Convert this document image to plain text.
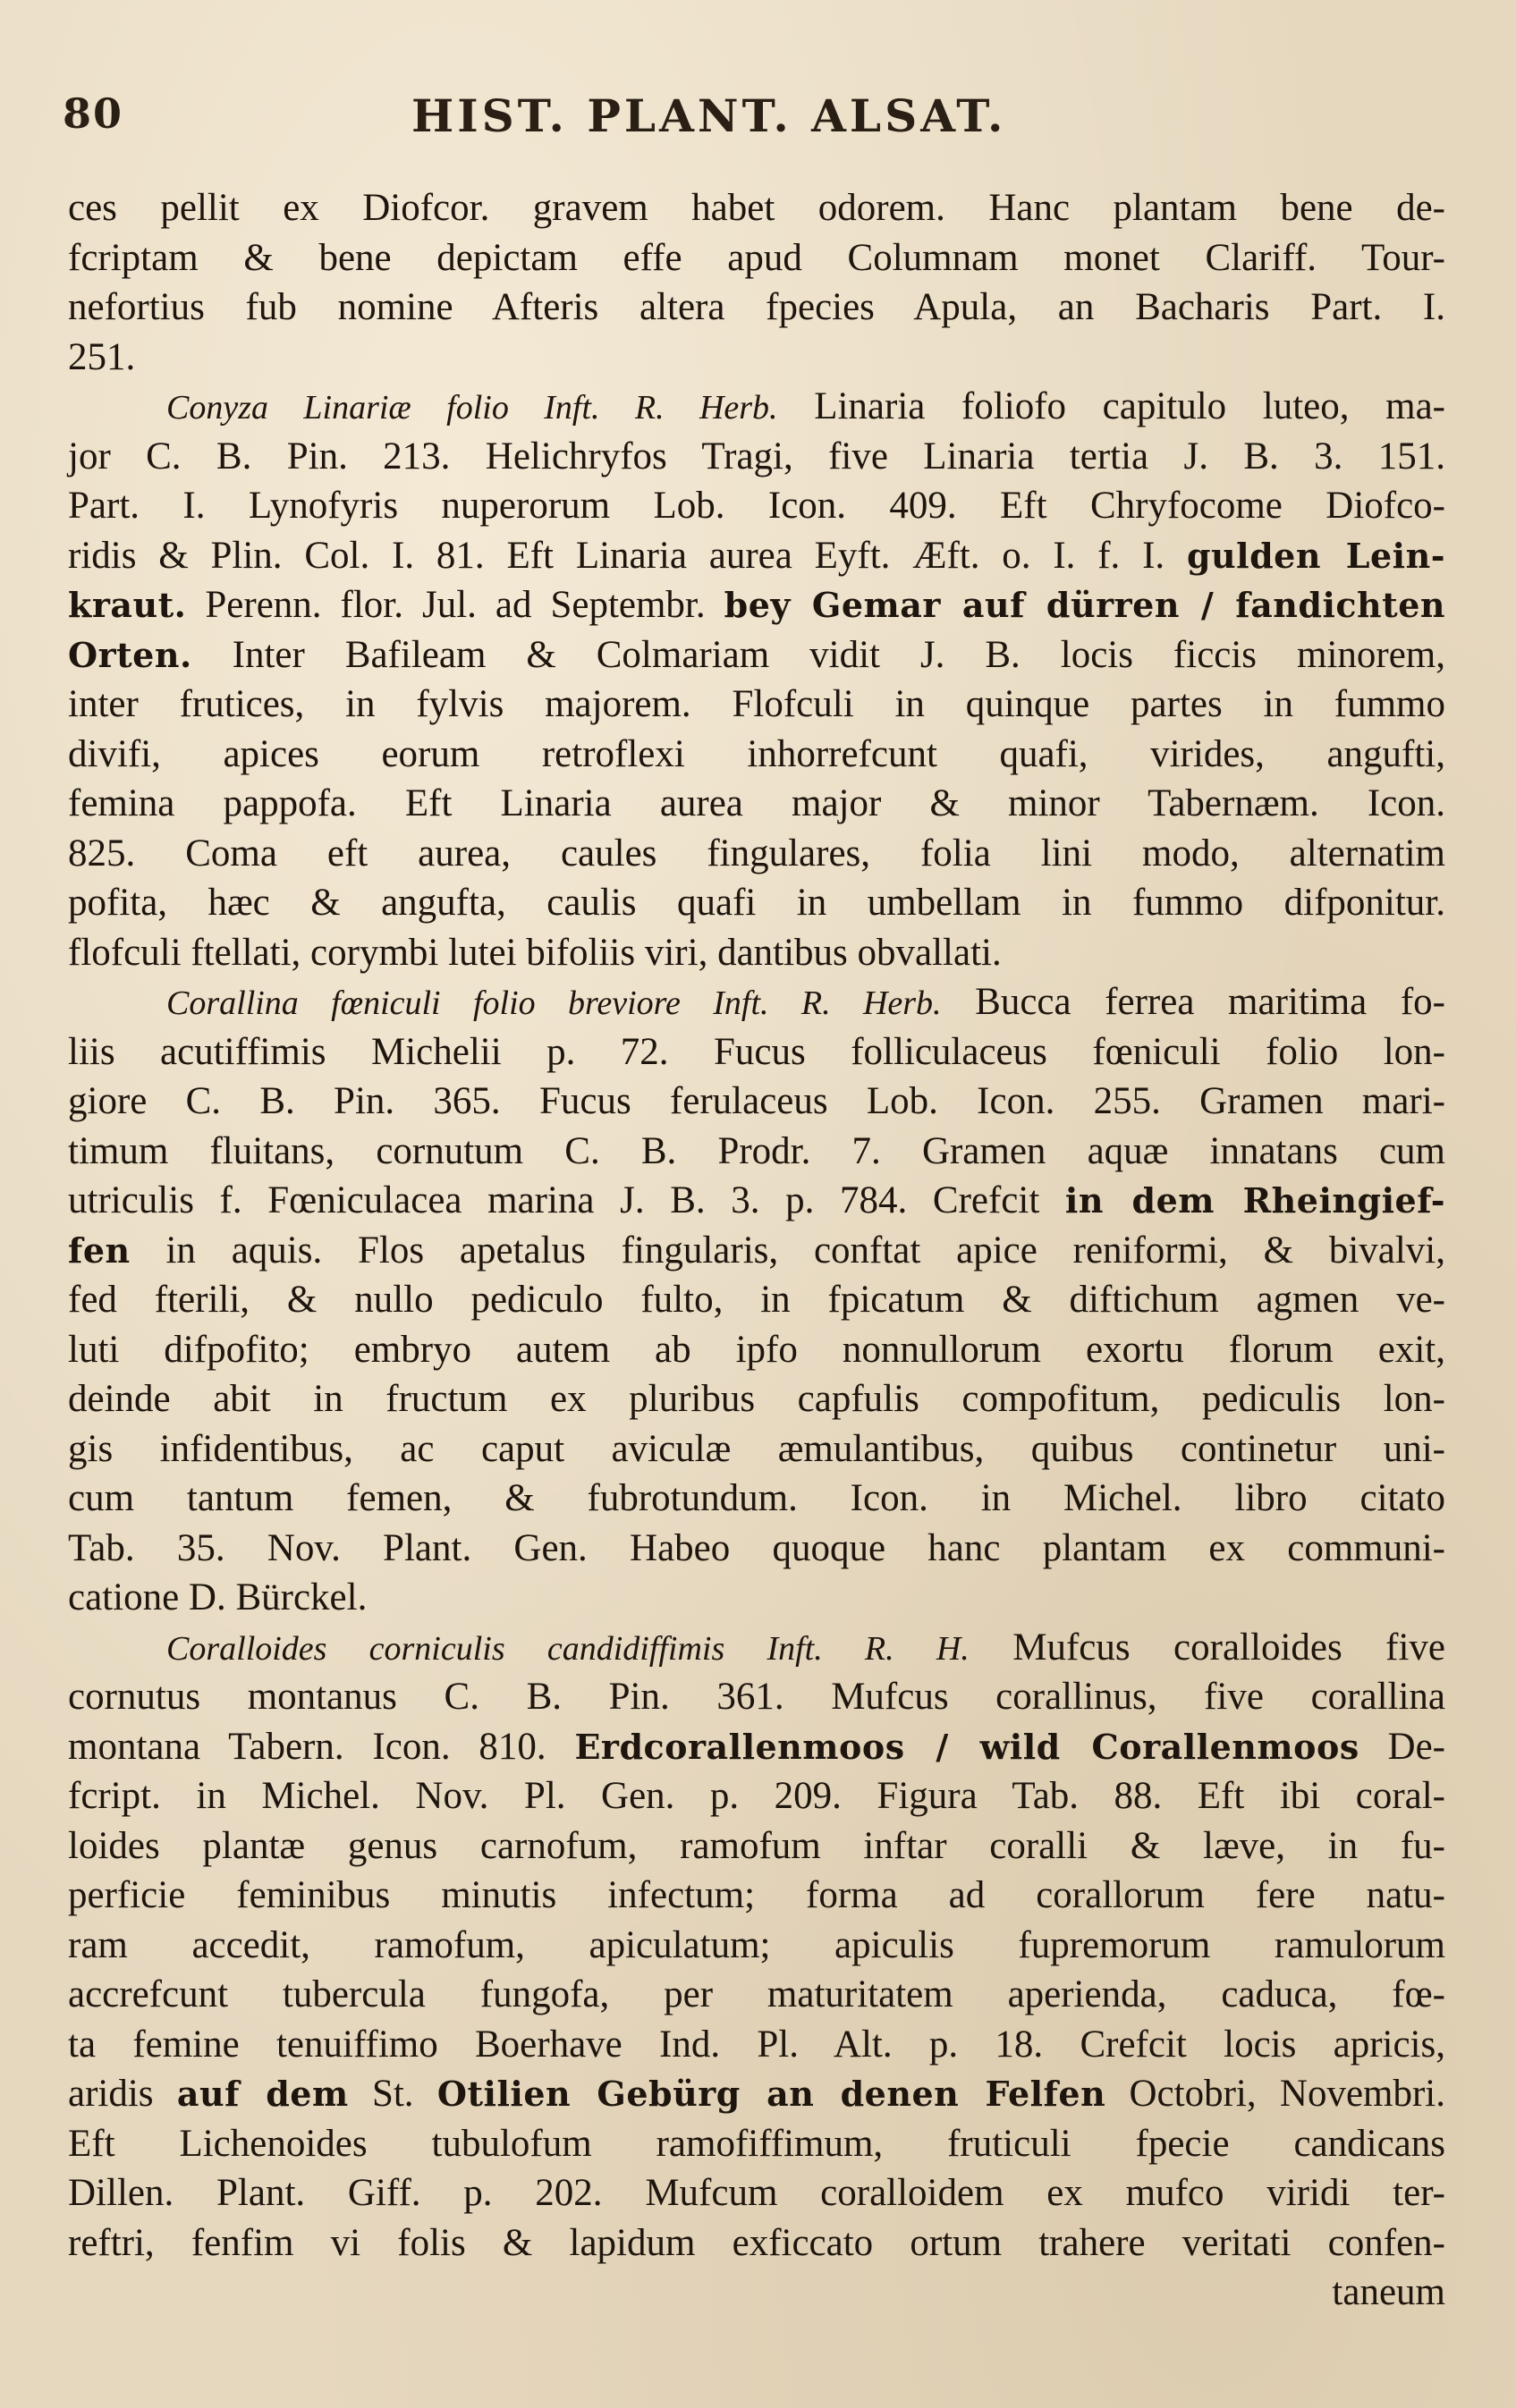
80	HIST. PLANT. ALSAT.
ces pellit ex Diofcor. gravem habet odorem. Hanc plantam bene de-
fcriptam & bene depictam effe apud Columnam monet Clariff. Tour-
nefortius fub nomine Afteris altera fpecies Apula, an Bacharis Part. I.
251.
Conyza Linariæ folio Inft. R. Herb. Linaria foliofo capitulo luteo, ma-
jor C. B. Pin. 213. Helichryfos Tragi, five Linaria tertia J. B. 3. 151.
Part. I. Lynofyris nuperorum Lob. Icon. 409. Eft Chryfocome Diofco-
ridis & Plin. Col. I. 81. Eft Linaria aurea Eyft. Æft. o. I. f. I. gulden Lein-
kraut. Perenn. flor. Jul. ad Septembr. bey Gemar auf dürren / fandichten
Orten. Inter Bafileam & Colmariam vidit J. B. locis ficcis minorem,
inter frutices, in fylvis majorem. Flofculi in quinque partes in fummo
divifi, apices eorum retroflexi inhorrefcunt quafi, virides, angufti,
femina pappofa. Eft Linaria aurea major & minor Tabernæm. Icon.
825. Coma eft aurea, caules fingulares, folia lini modo, alternatim
pofita, hæc & angufta, caulis quafi in umbellam in fummo difponitur.
flofculi ftellati, corymbi lutei bifoliis viri, dantibus obvallati.
Corallina fœniculi folio breviore Inft. R. Herb. Bucca ferrea maritima fo-
liis acutiffimis Michelii p. 72. Fucus folliculaceus fœniculi folio lon-
giore C. B. Pin. 365. Fucus ferulaceus Lob. Icon. 255. Gramen mari-
timum fluitans, cornutum C. B. Prodr. 7. Gramen aquæ innatans cum
utriculis f. Fœniculacea marina J. B. 3. p. 784. Crefcit in dem Rheingief-
fen in aquis. Flos apetalus fingularis, conftat apice reniformi, & bivalvi,
fed fterili, & nullo pediculo fulto, in fpicatum & diftichum agmen ve-
luti difpofito; embryo autem ab ipfo nonnullorum exortu florum exit,
deinde abit in fructum ex pluribus capfulis compofitum, pediculis lon-
gis infidentibus, ac caput aviculæ æmulantibus, quibus continetur uni-
cum tantum femen, & fubrotundum. Icon. in Michel. libro citato
Tab. 35. Nov. Plant. Gen. Habeo quoque hanc plantam ex communi-
catione D. Bürckel.
Coralloides corniculis candidiffimis Inft. R. H. Mufcus coralloides five
cornutus montanus C. B. Pin. 361. Mufcus corallinus, five corallina
montana Tabern. Icon. 810. Erdcorallenmoos / wild Corallenmoos De-
fcript. in Michel. Nov. Pl. Gen. p. 209. Figura Tab. 88. Eft ibi coral-
loides plantæ genus carnofum, ramofum inftar coralli & læve, in fu-
perficie feminibus minutis infectum; forma ad corallorum fere natu-
ram accedit, ramofum, apiculatum; apiculis fupremorum ramulorum
accrefcunt tubercula fungofa, per maturitatem aperienda, caduca, fœ-
ta femine tenuiffimo Boerhave Ind. Pl. Alt. p. 18. Crefcit locis apricis,
aridis auf dem St. Otilien Gebürg an denen Felfen Octobri, Novembri.
Eft Lichenoides tubulofum ramofiffimum, fruticuli fpecie candicans
Dillen. Plant. Giff. p. 202. Mufcum coralloidem ex mufco viridi ter-
reftri, fenfim vi folis & lapidum exficcato ortum trahere veritati confen-
taneum
